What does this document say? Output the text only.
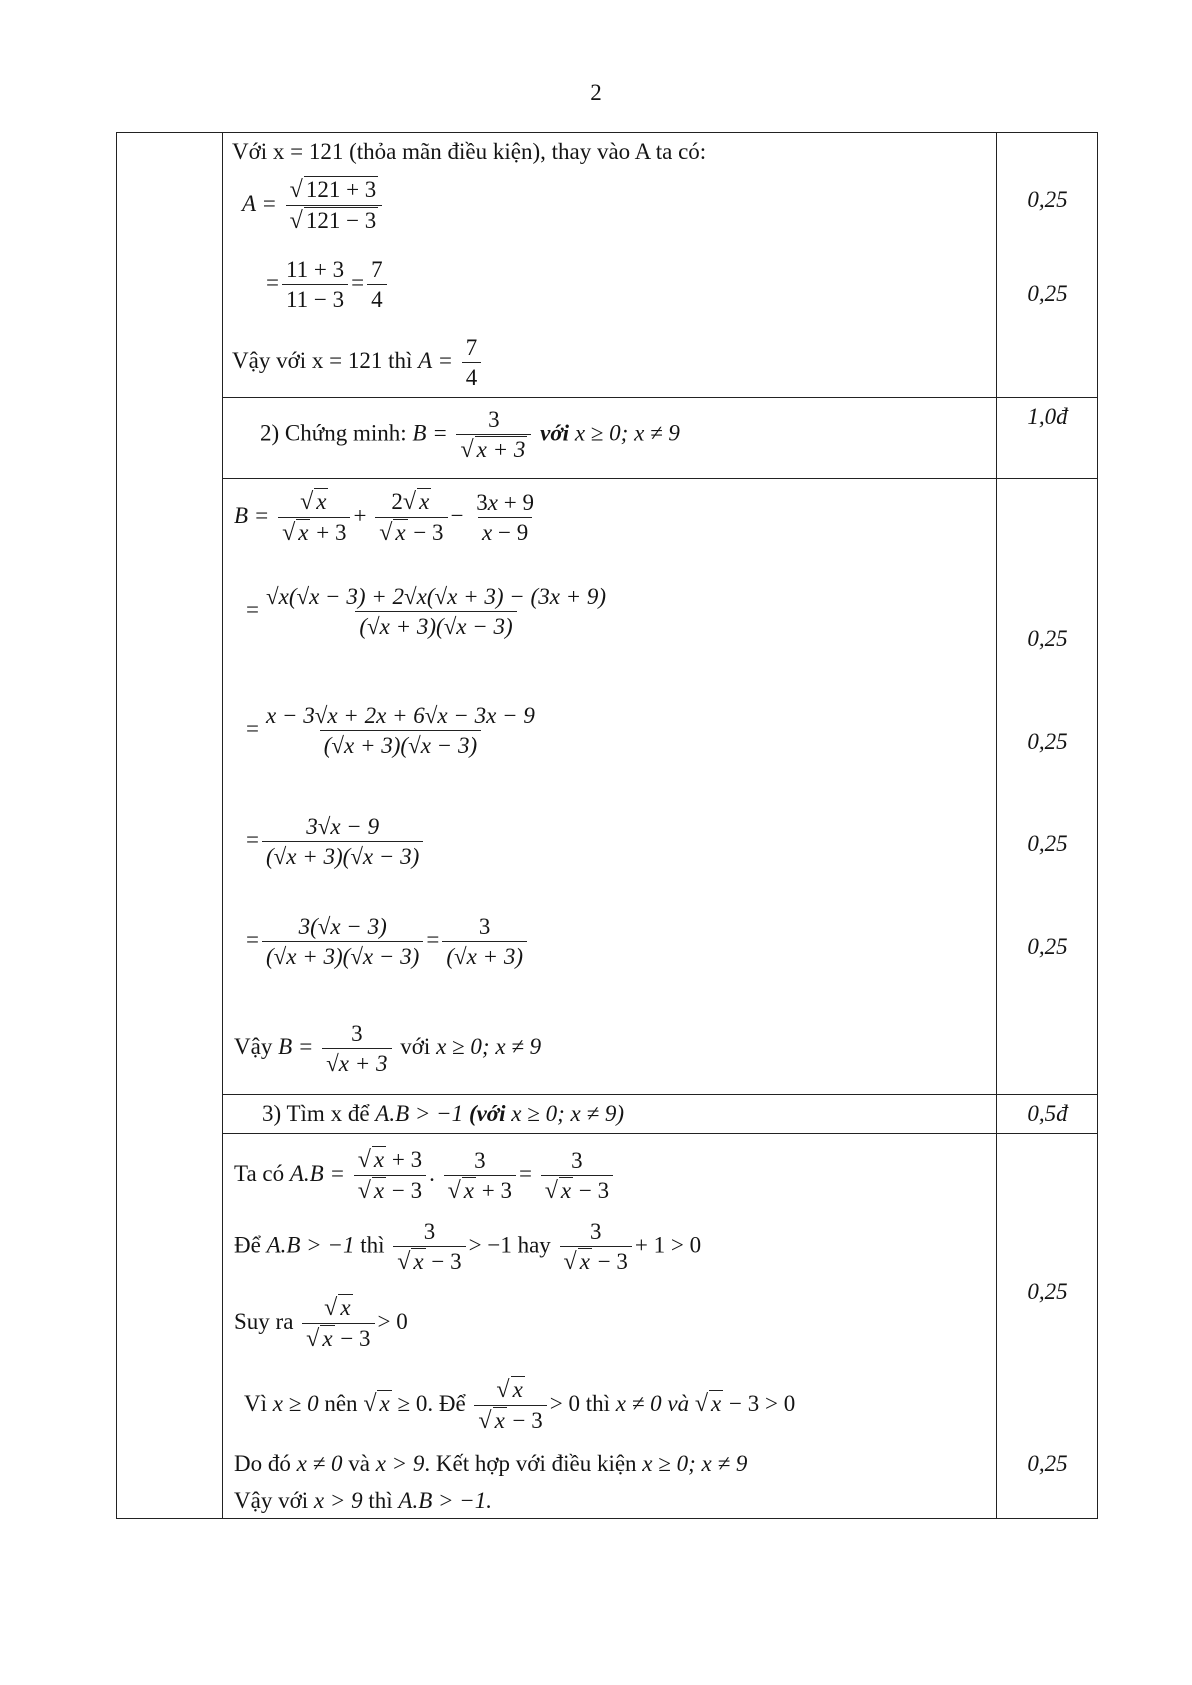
2
Với x = 121 (thỏa mãn điều kiện), thay vào A ta có:
$A = \frac{√ 121 + 3}{√ 121 - 3}$
= $\frac{11 + 3}{11 - 3} = \frac{7}{4}$
Vậy với x = 121 thì $A = \frac{7}{4}$
0,25
0,25
2) Chứng minh: $B = \frac{3}{√ x + 3}$ với x ≥ 0; x ≠ 9
1,0đ
$B = \frac{√ x}{√ x + 3} + \frac{2√ x}{√ x - 3} - \frac{3x + 9}{x - 9}$
= $\frac{√x(√x - 3) + 2√x(√x + 3) - (3x + 9)}{(√x + 3)(√x - 3)}$
= $\frac{x - 3√x + 2x + 6√x - 3x - 9}{(√x + 3)(√x - 3)}$
= $\frac{3√x - 9}{(√x + 3)(√x - 3)}$
= $\frac{3(√x - 3)}{(√x + 3)(√x - 3)} = \frac{3}{(√x + 3)}$
Vậy $B = \frac{3}{√x + 3}$ với x ≥ 0; x ≠ 9
0,25
0,25
0,25
0,25
3) Tìm x để A.B > −1 (với x ≥ 0; x ≠ 9)	0,5đ
Ta có $A.B = \frac{√ x + 3}{√ x - 3}$ . $\frac{3}{√ x + 3} = \frac{3}{√ x - 3}$
Để A.B > −1 thì $\frac{3}{√ x - 3} > -1$ hay $\frac{3}{√ x - 3} + 1 > 0$
Suy ra $\frac{√ x}{√ x - 3} > 0$
Vì x ≥ 0 nên √ x ≥ 0. Để $\frac{√ x}{√ x - 3} > 0$ thì x ≠ 0 và √ x − 3 > 0
Do đó x ≠ 0 và x > 9. Kết hợp với điều kiện x ≥ 0; x ≠ 9
Vậy với x > 9 thì A.B > −1.
0,25
0,25
